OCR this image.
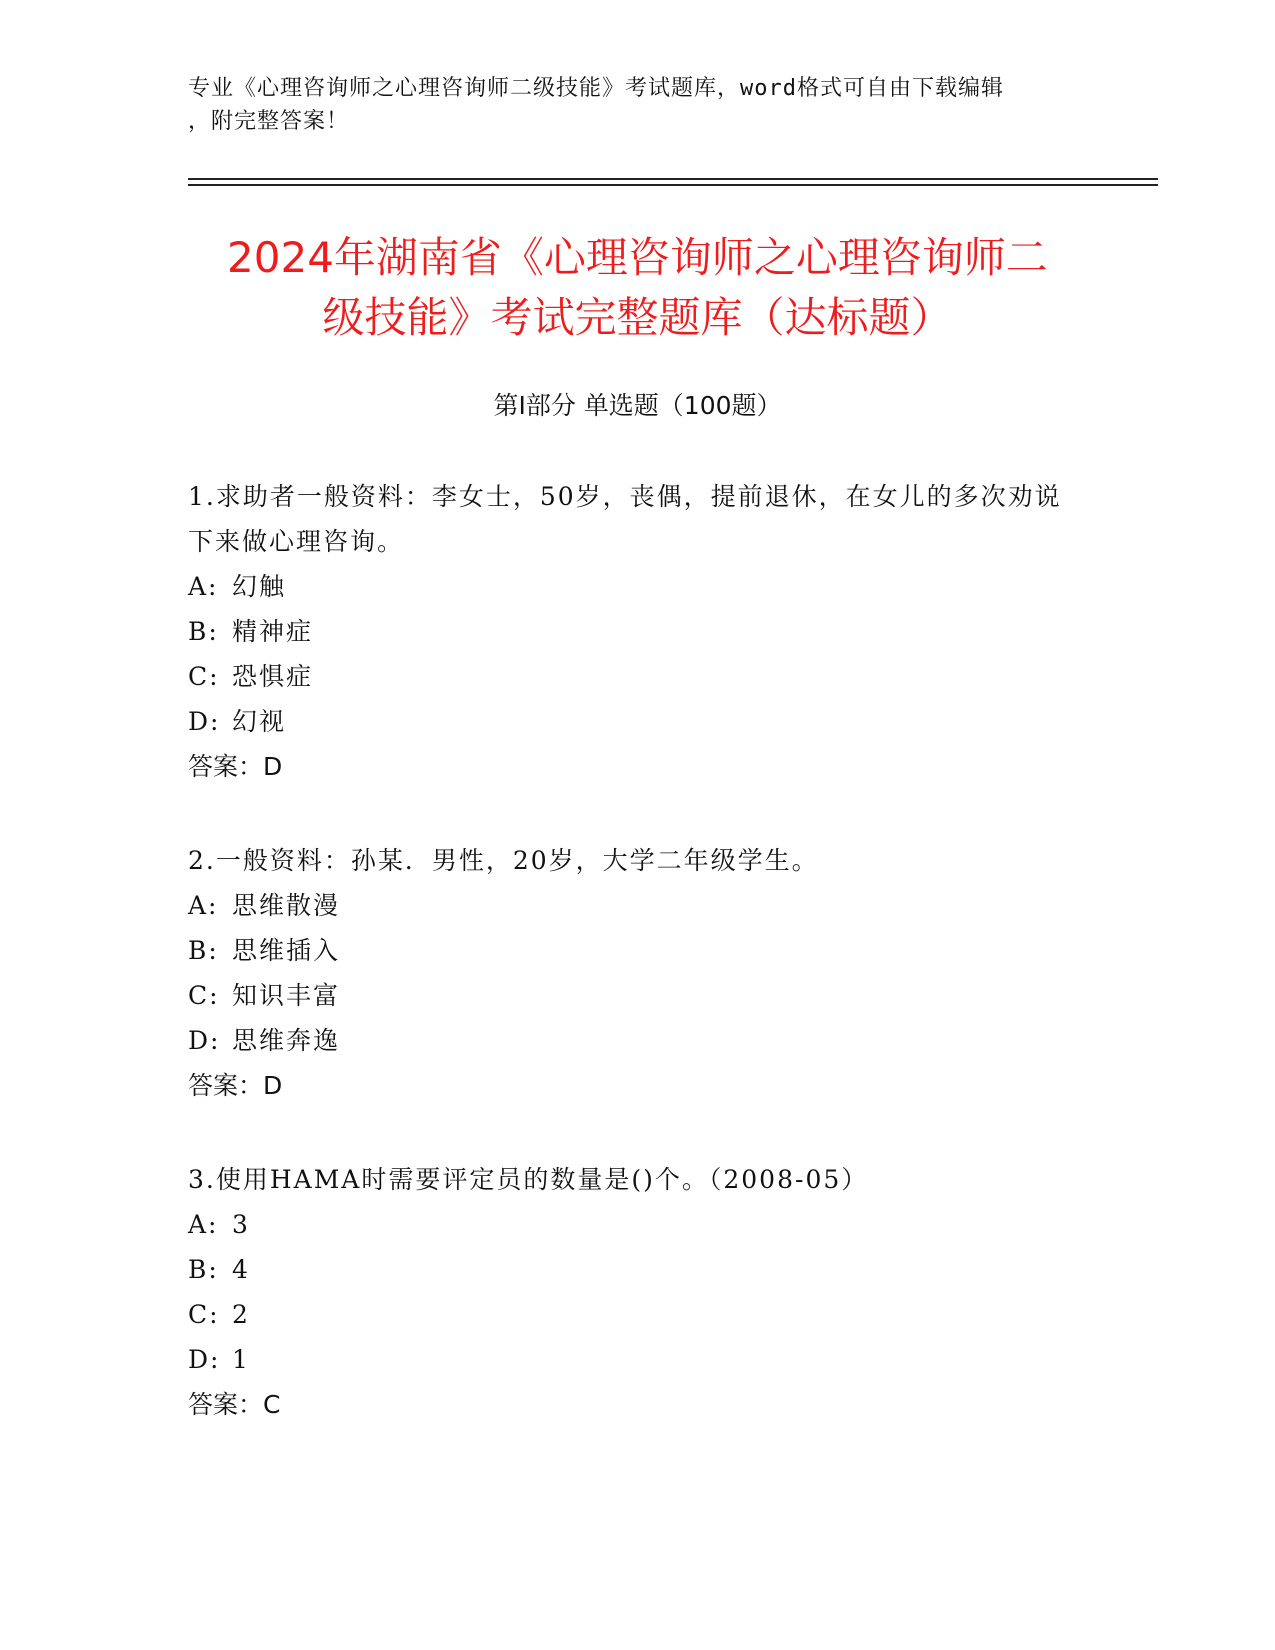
专业《心理咨询师之心理咨询师二级技能》考试题库，word格式可自由下载编辑
，附完整答案！
2024年湖南省《心理咨询师之心理咨询师二
级技能》考试完整题库（达标题）
第Ⅰ部分 单选题（100题）

1.求助者一般资料：李女士，50岁，丧偶，提前退休，在女儿的多次劝说下来做心理咨询。

A: 幻触
B: 精神症
C: 恐惧症
D: 幻视
答案：D

2.一般资料：孙某．男性，20岁，大学二年级学生。

A: 思维散漫
B: 思维插入
C: 知识丰富
D: 思维奔逸
答案：D

3.使用HAMA时需要评定员的数量是()个。（2008-05）

A: 3
B: 4
C: 2
D: 1
答案：C
